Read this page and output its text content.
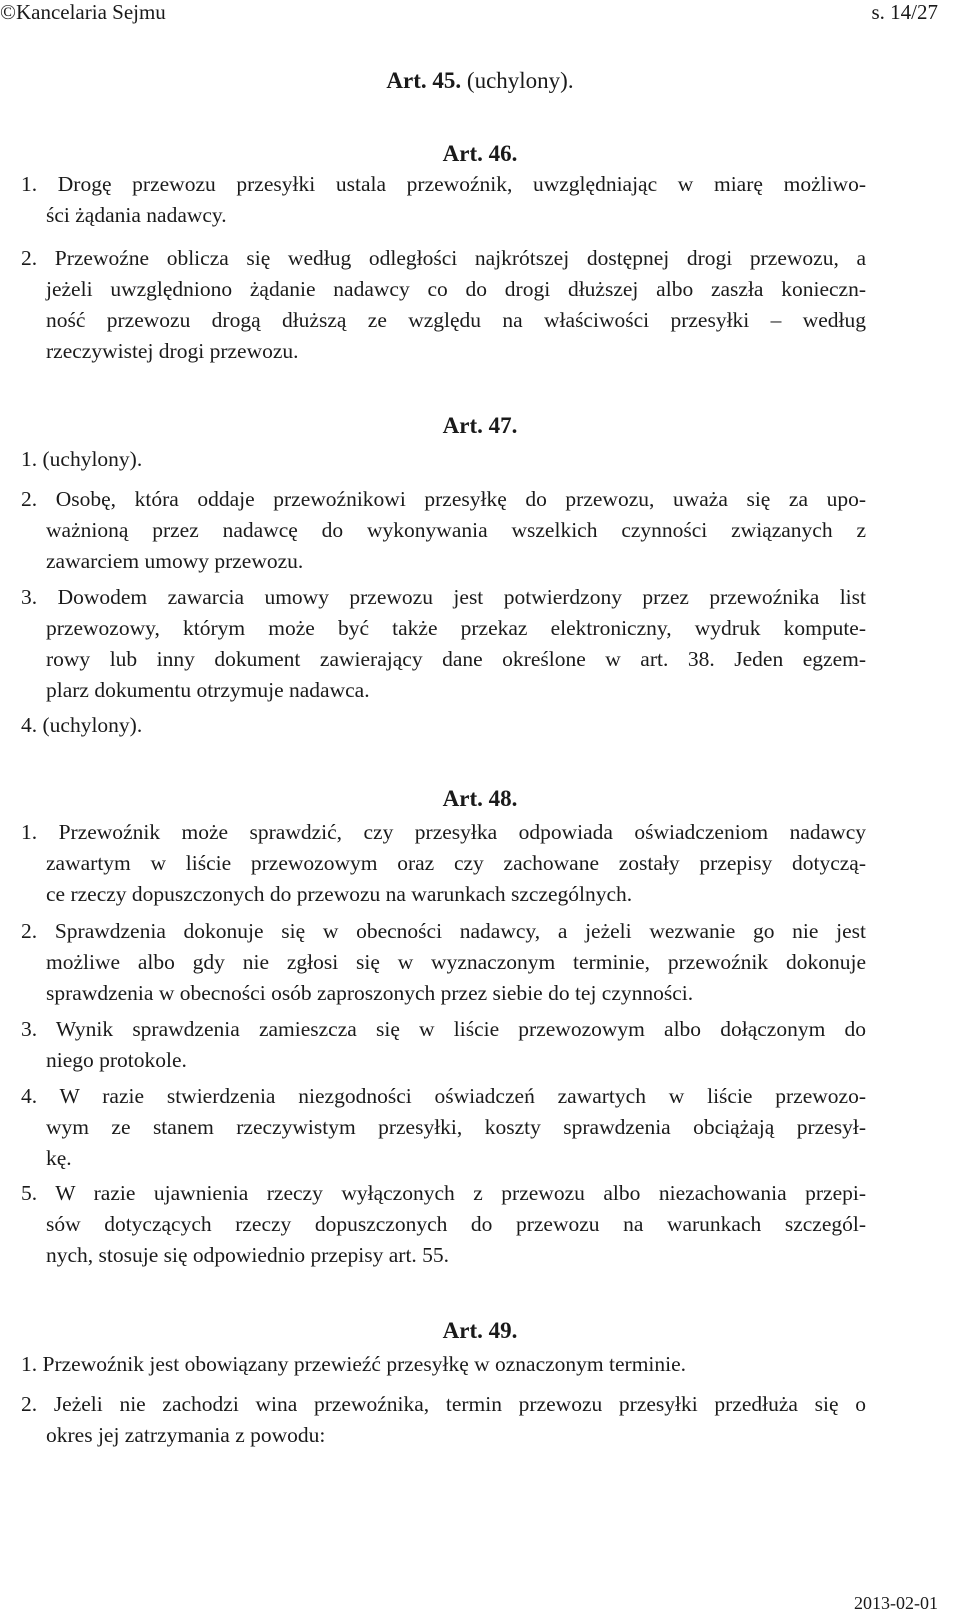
©Kancelaria Sejmu	s. 14/27
Art. 45. (uchylony).
Art. 46.
1. Drogę przewozu przesyłki ustala przewoźnik, uwzględniając w miarę możliwo-
ści żądania nadawcy.
2. Przewoźne oblicza się według odległości najkrótszej dostępnej drogi przewozu, a
jeżeli uwzględniono żądanie nadawcy co do drogi dłuższej albo zaszła konieczn-
ność przewozu drogą dłuższą ze względu na właściwości przesyłki – według
rzeczywistej drogi przewozu.
Art. 47.
1. (uchylony).
2. Osobę, która oddaje przewoźnikowi przesyłkę do przewozu, uważa się za upo-
ważnioną przez nadawcę do wykonywania wszelkich czynności związanych z
zawarciem umowy przewozu.
3. Dowodem zawarcia umowy przewozu jest potwierdzony przez przewoźnika list
przewozowy, którym może być także przekaz elektroniczny, wydruk kompute-
rowy lub inny dokument zawierający dane określone w art. 38. Jeden egzem-
plarz dokumentu otrzymuje nadawca.
4. (uchylony).
Art. 48.
1. Przewoźnik może sprawdzić, czy przesyłka odpowiada oświadczeniom nadawcy
zawartym w liście przewozowym oraz czy zachowane zostały przepisy dotyczą-
ce rzeczy dopuszczonych do przewozu na warunkach szczególnych.
2. Sprawdzenia dokonuje się w obecności nadawcy, a jeżeli wezwanie go nie jest
możliwe albo gdy nie zgłosi się w wyznaczonym terminie, przewoźnik dokonuje
sprawdzenia w obecności osób zaproszonych przez siebie do tej czynności.
3. Wynik sprawdzenia zamieszcza się w liście przewozowym albo dołączonym do
niego protokole.
4. W razie stwierdzenia niezgodności oświadczeń zawartych w liście przewozo-
wym ze stanem rzeczywistym przesyłki, koszty sprawdzenia obciążają przesył-
kę.
5. W razie ujawnienia rzeczy wyłączonych z przewozu albo niezachowania przepi-
sów dotyczących rzeczy dopuszczonych do przewozu na warunkach szczegól-
nych, stosuje się odpowiednio przepisy art. 55.
Art. 49.
1. Przewoźnik jest obowiązany przewieźć przesyłkę w oznaczonym terminie.
2. Jeżeli nie zachodzi wina przewoźnika, termin przewozu przesyłki przedłuża się o
okres jej zatrzymania z powodu:
2013-02-01
